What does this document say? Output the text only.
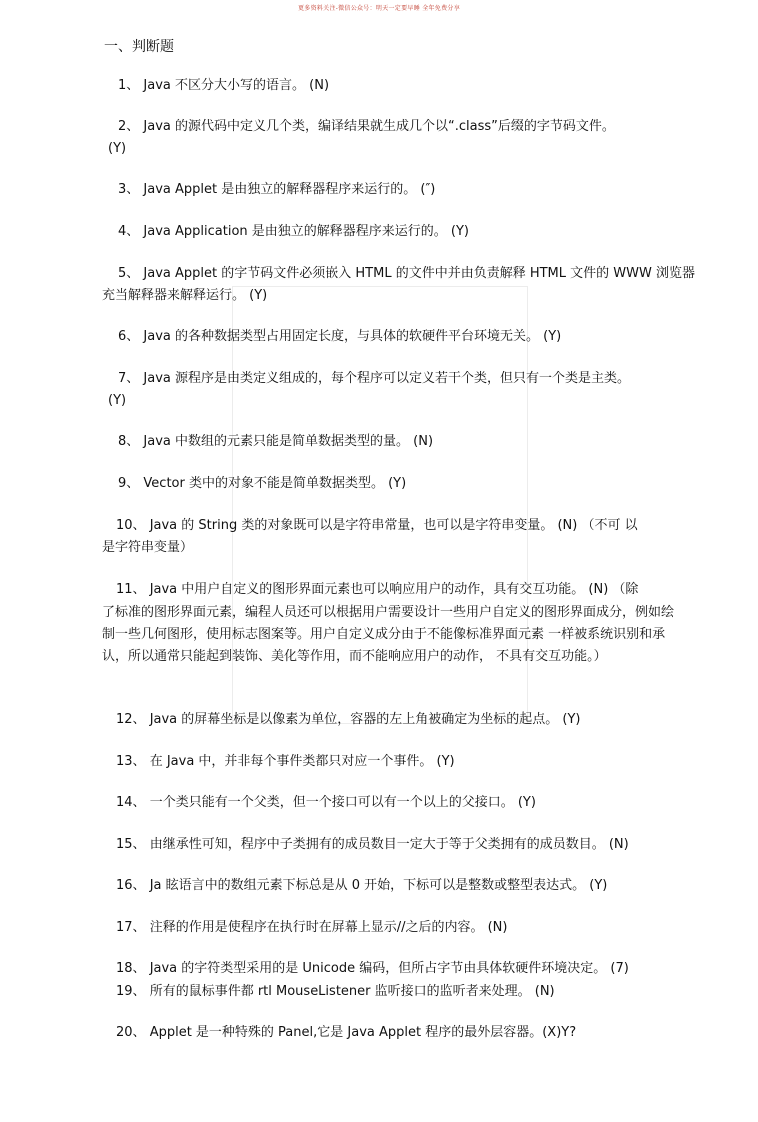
更多资料关注-微信公众号：明天一定要早睡 全年免费分享
一、判断题

1、 Java 不区分大小写的语言。 (N)

2、 Java 的源代码中定义几个类，编译结果就生成几个以“.class”后缀的字节码文件。

(Y)

3、 Java Applet 是由独立的解释器程序来运行的。 (″)

4、 Java Application 是由独立的解释器程序来运行的。 (Y)

5、 Java Applet 的字节码文件必须嵌入 HTML 的文件中并由负责解释 HTML 文件的 WWW 浏览器

充当解释器来解释运行。 (Y)

6、 Java 的各种数据类型占用固定长度，与具体的软硬件平台环境无关。 (Y)

7、 Java 源程序是由类定义组成的，每个程序可以定义若干个类，但只有一个类是主类。

(Y)

8、 Java 中数组的元素只能是简单数据类型的量。 (N)

9、 Vector 类中的对象不能是简单数据类型。 (Y)

10、 Java 的 String 类的对象既可以是字符串常量，也可以是字符串变量。 (N) （不可 以

是字符串变量）

11、 Java 中用户自定义的图形界面元素也可以响应用户的动作，具有交互功能。 (N) （除

了标准的图形界面元素，编程人员还可以根据用户需要设计一些用户自定义的图形界面成分，例如绘制一些几何图形，使用标志图案等。用户自定义成分由于不能像标准界面元素 一样被系统识别和承认，所以通常只能起到装饰、美化等作用，而不能响应用户的动作， 不具有交互功能。）

12、 Java 的屏幕坐标是以像素为单位，容器的左上角被确定为坐标的起点。 (Y)

13、 在 Java 中，并非每个事件类都只对应一个事件。 (Y)

14、 一个类只能有一个父类，但一个接口可以有一个以上的父接口。 (Y)

15、 由继承性可知，程序中子类拥有的成员数目一定大于等于父类拥有的成员数目。 (N)

16、 Ja 眩语言中的数组元素下标总是从 0 开始，下标可以是整数或整型表达式。 (Y)

17、 注释的作用是使程序在执行时在屏幕上显示//之后的内容。 (N)

18、 Java 的字符类型采用的是 Unicode 编码，但所占字节由具体软硬件环境决定。 (7)

19、 所有的鼠标事件都 rtl MouseListener 监听接口的监听者来处理。 (N)

20、 Applet 是一种特殊的 Panel,它是 Java Applet 程序的最外层容器。(X)Y?
